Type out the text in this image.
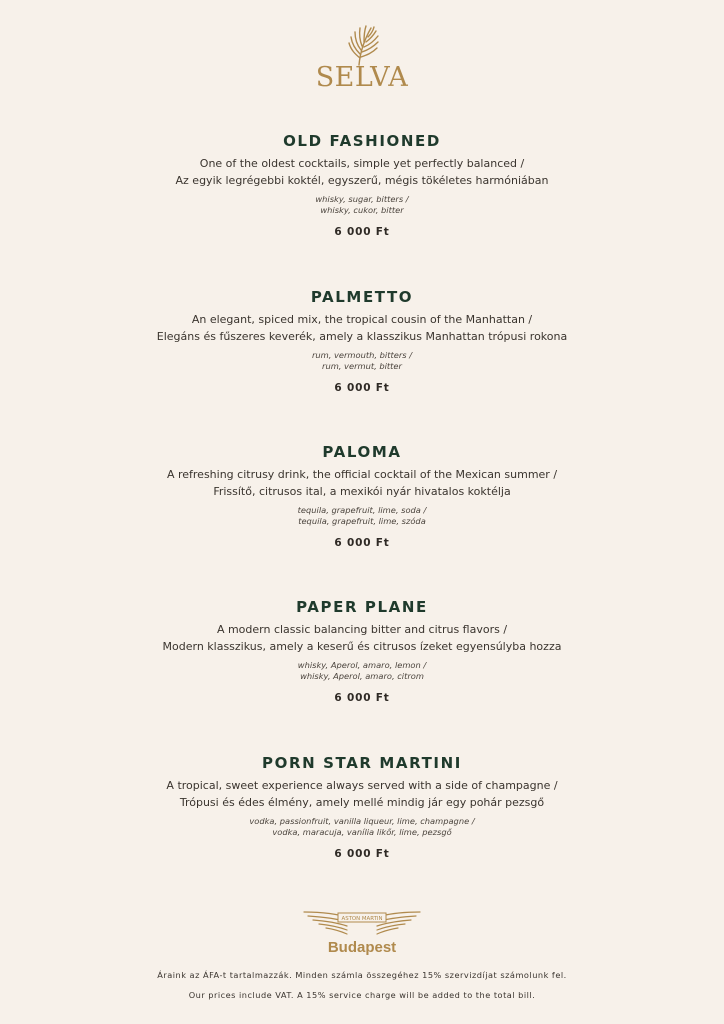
SELVA
OLD FASHIONED
One of the oldest cocktails, simple yet perfectly balanced /
Az egyik legrégebbi koktél, egyszerű, mégis tökéletes harmóniában
whisky, sugar, bitters /
whisky, cukor, bitter
6 000 Ft
PALMETTO
An elegant, spiced mix, the tropical cousin of the Manhattan /
Elegáns és fűszeres keverék, amely a klasszikus Manhattan trópusi rokona
rum, vermouth, bitters /
rum, vermut, bitter
6 000 Ft
PALOMA
A refreshing citrusy drink, the official cocktail of the Mexican summer /
Frissítő, citrusos ital, a mexikói nyár hivatalos koktélja
tequila, grapefruit, lime, soda /
tequila, grapefruit, lime, szóda
6 000 Ft
PAPER PLANE
A modern classic balancing bitter and citrus flavors /
Modern klasszikus, amely a keserű és citrusos ízeket egyensúlyba hozza
whisky, Aperol, amaro, lemon /
whisky, Aperol, amaro, citrom
6 000 Ft
PORN STAR MARTINI
A tropical, sweet experience always served with a side of champagne /
Trópusi és édes élmény, amely mellé mindig jár egy pohár pezsgő
vodka, passionfruit, vanilla liqueur, lime, champagne /
vodka, maracuja, vanília likőr, lime, pezsgő
6 000 Ft
ASTON MARTIN
Budapest
Áraink az ÁFA-t tartalmazzák. Minden számla összegéhez 15% szervizdíjat számolunk fel.
Our prices include VAT. A 15% service charge will be added to the total bill.
